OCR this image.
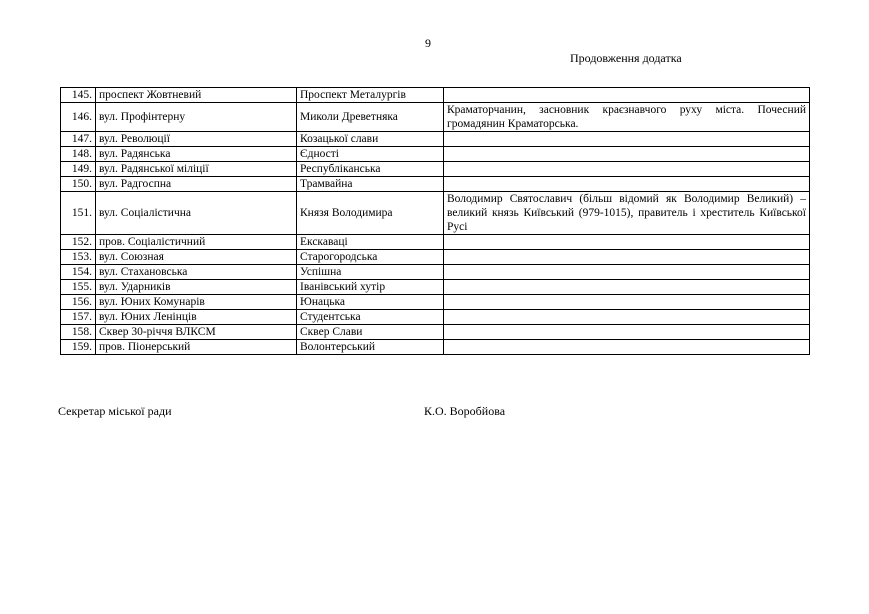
9
Продовження додатка
145.	проспект Жовтневий	Проспект Металургів	
146.	вул. Профінтерну	Миколи Древетняка	Краматорчанин, засновник краєзнавчого руху міста. Почесний громадянин Краматорська.
147.	вул. Революції	Козацької слави	
148.	вул. Радянська	Єдності	
149.	вул. Радянської міліції	Республіканська	
150.	вул. Радгоспна	Трамвайна	
151.	вул. Соціалістична	Князя Володимира	Володимир Святославич (більш відомий як Володимир Великий) – великий князь Київський (979-1015), правитель і хреститель Київської Русі
152.	пров. Соціалістичний	Екскаваці	
153.	вул. Союзная	Старогородська	
154.	вул. Стахановська	Успішна	
155.	вул. Ударників	Іванівський хутір	
156.	вул. Юних Комунарів	Юнацька	
157.	вул. Юних Ленінців	Студентська	
158.	Сквер 30-річчя ВЛКСМ	Сквер Слави	
159.	пров. Піонерський	Волонтерський	
Секретар міської ради	К.О. Воробйова
